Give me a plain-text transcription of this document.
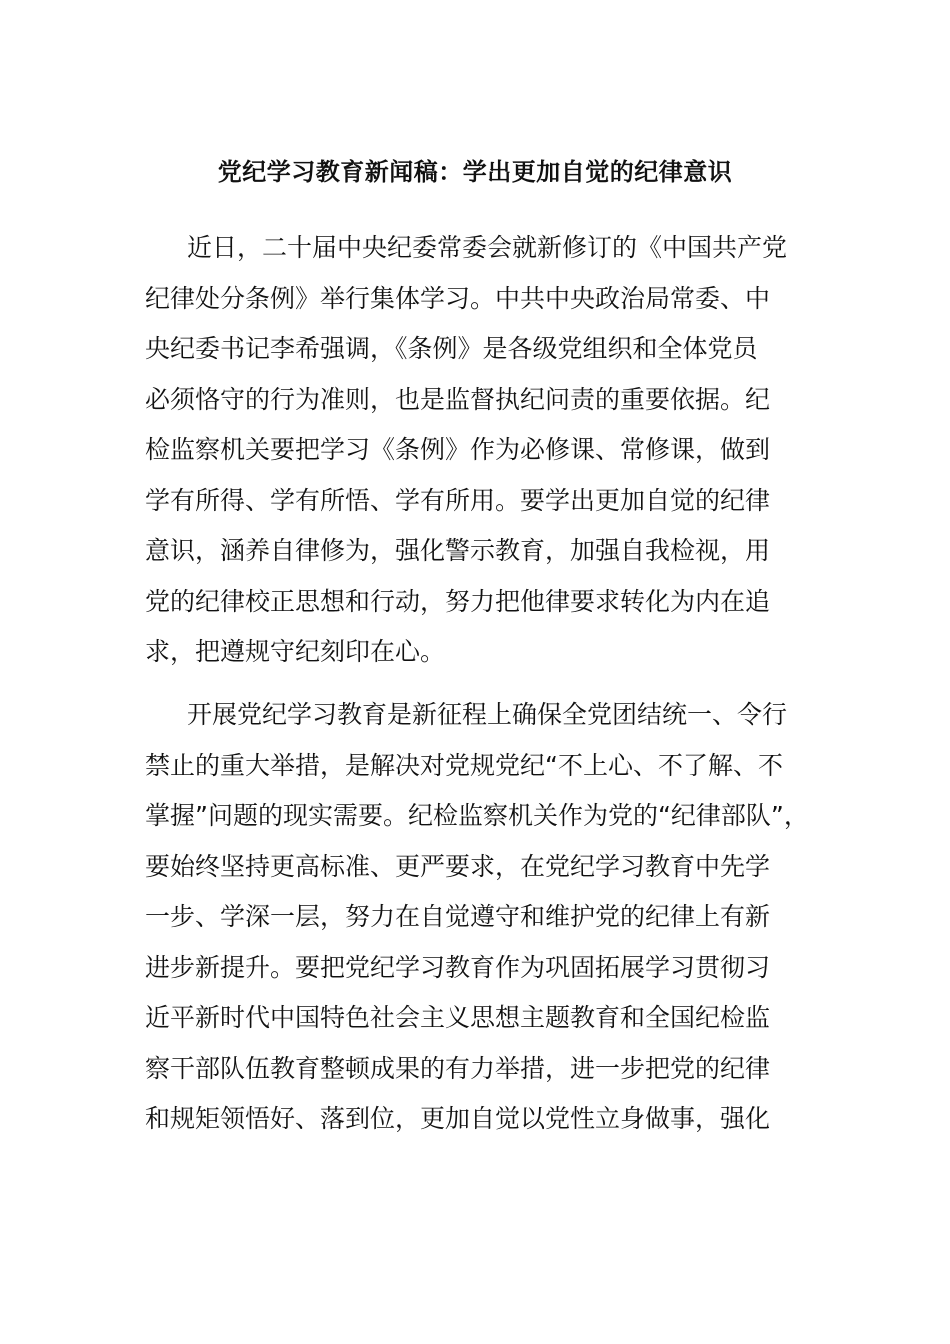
党纪学习教育新闻稿：学出更加自觉的纪律意识
近日，二十届中央纪委常委会就新修订的《中国共产党
纪律处分条例》举行集体学习。中共中央政治局常委、中
央纪委书记李希强调，《条例》是各级党组织和全体党员
必须恪守的行为准则，也是监督执纪问责的重要依据。纪
检监察机关要把学习《条例》作为必修课、常修课，做到
学有所得、学有所悟、学有所用。要学出更加自觉的纪律
意识，涵养自律修为，强化警示教育，加强自我检视，用
党的纪律校正思想和行动，努力把他律要求转化为内在追
求，把遵规守纪刻印在心。
开展党纪学习教育是新征程上确保全党团结统一、令行
禁止的重大举措，是解决对党规党纪“不上心、不了解、不
掌握”问题的现实需要。纪检监察机关作为党的“纪律部队”，
要始终坚持更高标准、更严要求，在党纪学习教育中先学
一步、学深一层，努力在自觉遵守和维护党的纪律上有新
进步新提升。要把党纪学习教育作为巩固拓展学习贯彻习
近平新时代中国特色社会主义思想主题教育和全国纪检监
察干部队伍教育整顿成果的有力举措，进一步把党的纪律
和规矩领悟好、落到位，更加自觉以党性立身做事，强化
